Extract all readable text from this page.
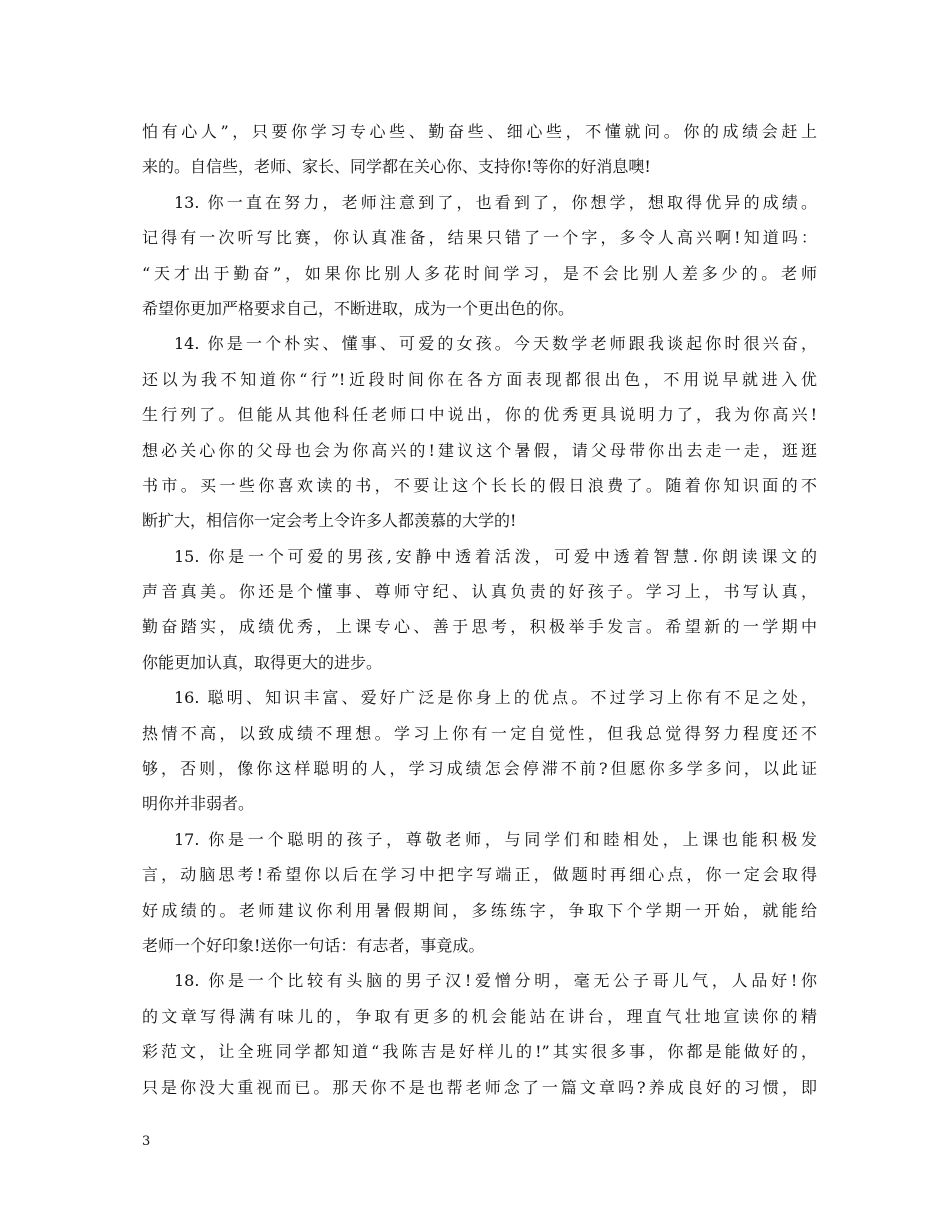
怕有心人”，只要你学习专心些、勤奋些、细心些，不懂就问。你的成绩会赶上
来的。自信些，老师、家长、同学都在关心你、支持你!等你的好消息噢!
13. 你一直在努力，老师注意到了，也看到了，你想学，想取得优异的成绩。
记得有一次听写比赛，你认真准备，结果只错了一个字，多令人高兴啊!知道吗：
“天才出于勤奋”，如果你比别人多花时间学习，是不会比别人差多少的。老师
希望你更加严格要求自己，不断进取，成为一个更出色的你。
14. 你是一个朴实、懂事、可爱的女孩。今天数学老师跟我谈起你时很兴奋，
还以为我不知道你“行”!近段时间你在各方面表现都很出色，不用说早就进入优
生行列了。但能从其他科任老师口中说出，你的优秀更具说明力了，我为你高兴!
想必关心你的父母也会为你高兴的!建议这个暑假，请父母带你出去走一走，逛逛
书市。买一些你喜欢读的书，不要让这个长长的假日浪费了。随着你知识面的不
断扩大，相信你一定会考上令许多人都羡慕的大学的!
15. 你是一个可爱的男孩,安静中透着活泼，可爱中透着智慧.你朗读课文的
声音真美。你还是个懂事、尊师守纪、认真负责的好孩子。学习上，书写认真，
勤奋踏实，成绩优秀，上课专心、善于思考，积极举手发言。希望新的一学期中
你能更加认真，取得更大的进步。
16. 聪明、知识丰富、爱好广泛是你身上的优点。不过学习上你有不足之处，
热情不高，以致成绩不理想。学习上你有一定自觉性，但我总觉得努力程度还不
够，否则，像你这样聪明的人，学习成绩怎会停滞不前?但愿你多学多问，以此证
明你并非弱者。
17. 你是一个聪明的孩子，尊敬老师，与同学们和睦相处，上课也能积极发
言，动脑思考!希望你以后在学习中把字写端正，做题时再细心点，你一定会取得
好成绩的。老师建议你利用暑假期间，多练练字，争取下个学期一开始，就能给
老师一个好印象!送你一句话：有志者，事竟成。
18. 你是一个比较有头脑的男子汉!爱憎分明，毫无公子哥儿气，人品好!你
的文章写得满有味儿的，争取有更多的机会能站在讲台，理直气壮地宣读你的精
彩范文，让全班同学都知道“我陈吉是好样儿的!”其实很多事，你都是能做好的，
只是你没大重视而已。那天你不是也帮老师念了一篇文章吗?养成良好的习惯，即
3
